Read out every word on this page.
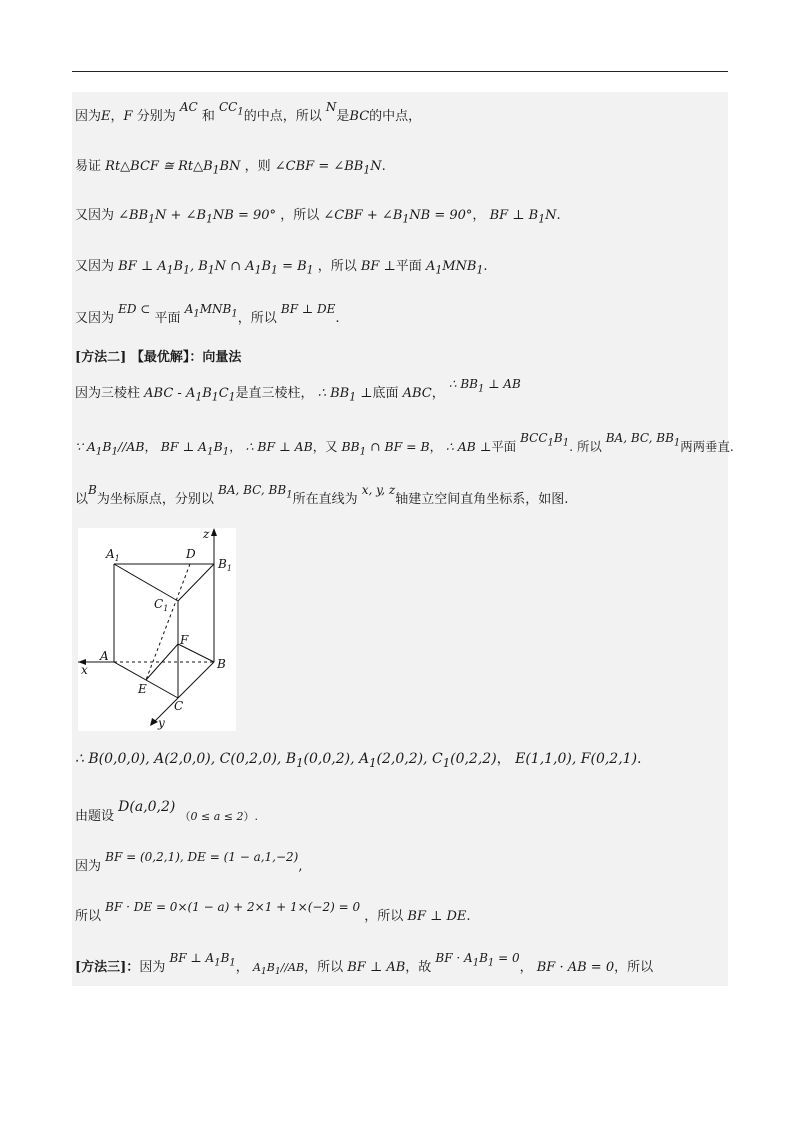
因为E，F 分别为 AC 和 $CC_1$的中点，所以 N是BC的中点，
易证 Rt△BCF ≅ $Rt\triangle B_1BN$ ，则 ∠CBF = $\angle BB_1N$.
又因为 $\angle BB_1N$ + $\angle B_1NB = 90^\circ$ ，所以 ∠CBF + $\angle B_1NB = 90^\circ$， BF ⊥ $B_1N$.
又因为 BF ⊥ $A_1B_1$, $B_1N$ ∩ $A_1B_1 = B_1$ ，所以 BF ⊥平面 $A_1MNB_1$.
又因为 ED ⊂ 平面 $A_1MNB_1$，所以 BF ⊥ DE.
[方法二] 【最优解】：向量法
因为三棱柱 ABC - $A_1B_1C_1$是直三棱柱， ∴ $BB_1$ ⊥底面 ABC， ∴ $BB_1$ ⊥ AB
∵ $A_1B_1//AB$， BF ⊥ $A_1B_1$， ∴ BF ⊥ AB，又 $BB_1$ ∩ BF = B， ∴ AB ⊥平面 $BCC_1B_1$. 所以 BA, BC, $BB_1$两两垂直.
以B为坐标原点，分别以 BA, BC, $BB_1$所在直线为 x, y, z轴建立空间直角坐标系，如图.
$A_1$	D
z
$B_1$
$C_1$
F
A
B
x
E
C
y
∴ B(0,0,0), A(2,0,0), C(0,2,0), $B_1(0,0,2)$, $A_1(2,0,2)$, $C_1(0,2,2)$， E(1,1,0), F(0,2,1).
由题设 D(a,0,2) （0 ≤ a ≤ 2）.
因为 BF = (0,2,1), DE = (1 − a,1,−2),
所以 BF · DE = 0×(1 − a) + 2×1 + 1×(−2) = 0 ，所以 BF ⊥ DE.
[方法三]：因为 BF ⊥ $A_1B_1$， $A_1B_1//AB$，所以 BF ⊥ AB，故 BF · $A_1B_1 = 0$， BF · AB = 0，所以
